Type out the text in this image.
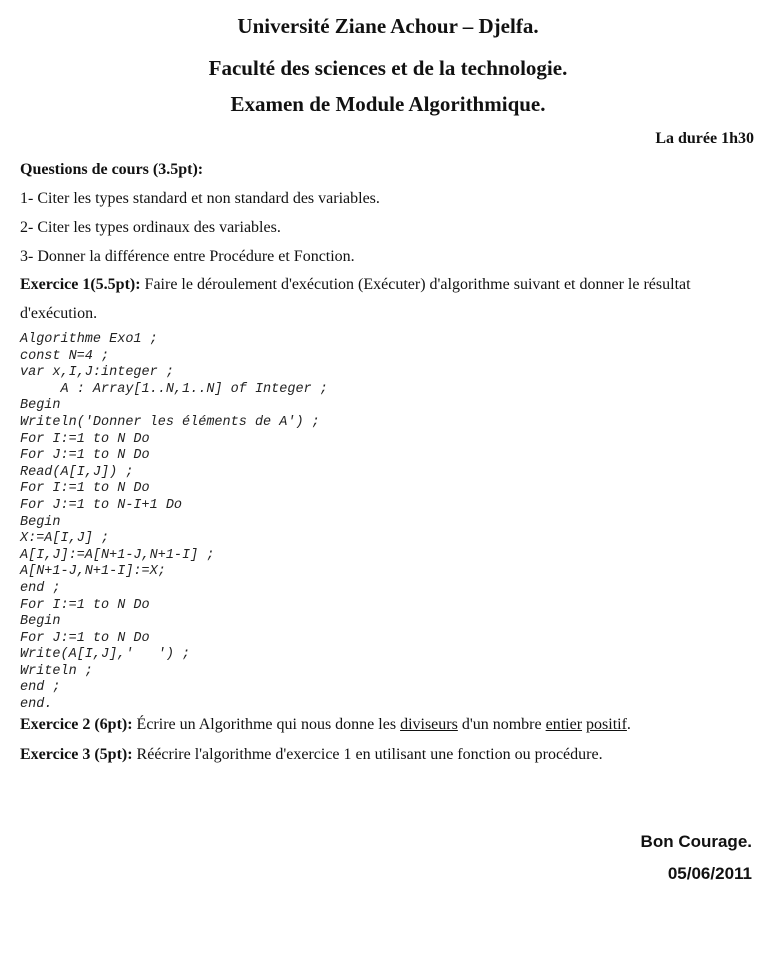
Université Ziane Achour – Djelfa.
Faculté des sciences et de la technologie.
Examen de Module Algorithmique.
La durée 1h30
Questions de cours (3.5pt):
1- Citer les types standard et non standard des variables.
2- Citer les types ordinaux des variables.
3- Donner la différence entre Procédure et Fonction.
Exercice 1(5.5pt): Faire le déroulement d'exécution (Exécuter) d'algorithme suivant et donner le résultat
d'exécution.
Algorithme Exo1 ;
const N=4 ;
var x,I,J:integer ;
A : Array[1..N,1..N] of Integer ;
Begin
Writeln('Donner les éléments de A') ;
For I:=1 to N Do
For J:=1 to N Do
Read(A[I,J]) ;
For I:=1 to N Do
For J:=1 to N-I+1 Do
Begin
X:=A[I,J] ;
A[I,J]:=A[N+1-J,N+1-I] ;
A[N+1-J,N+1-I]:=X;
end ;
For I:=1 to N Do
Begin
For J:=1 to N Do
Write(A[I,J],'   ') ;
Writeln ;
end ;
end.
Exercice 2 (6pt): Écrire un Algorithme qui nous donne les diviseurs d'un nombre entier positif.
Exercice 3 (5pt): Réécrire l'algorithme d'exercice 1 en utilisant une fonction ou procédure.
Bon Courage.
05/06/2011
